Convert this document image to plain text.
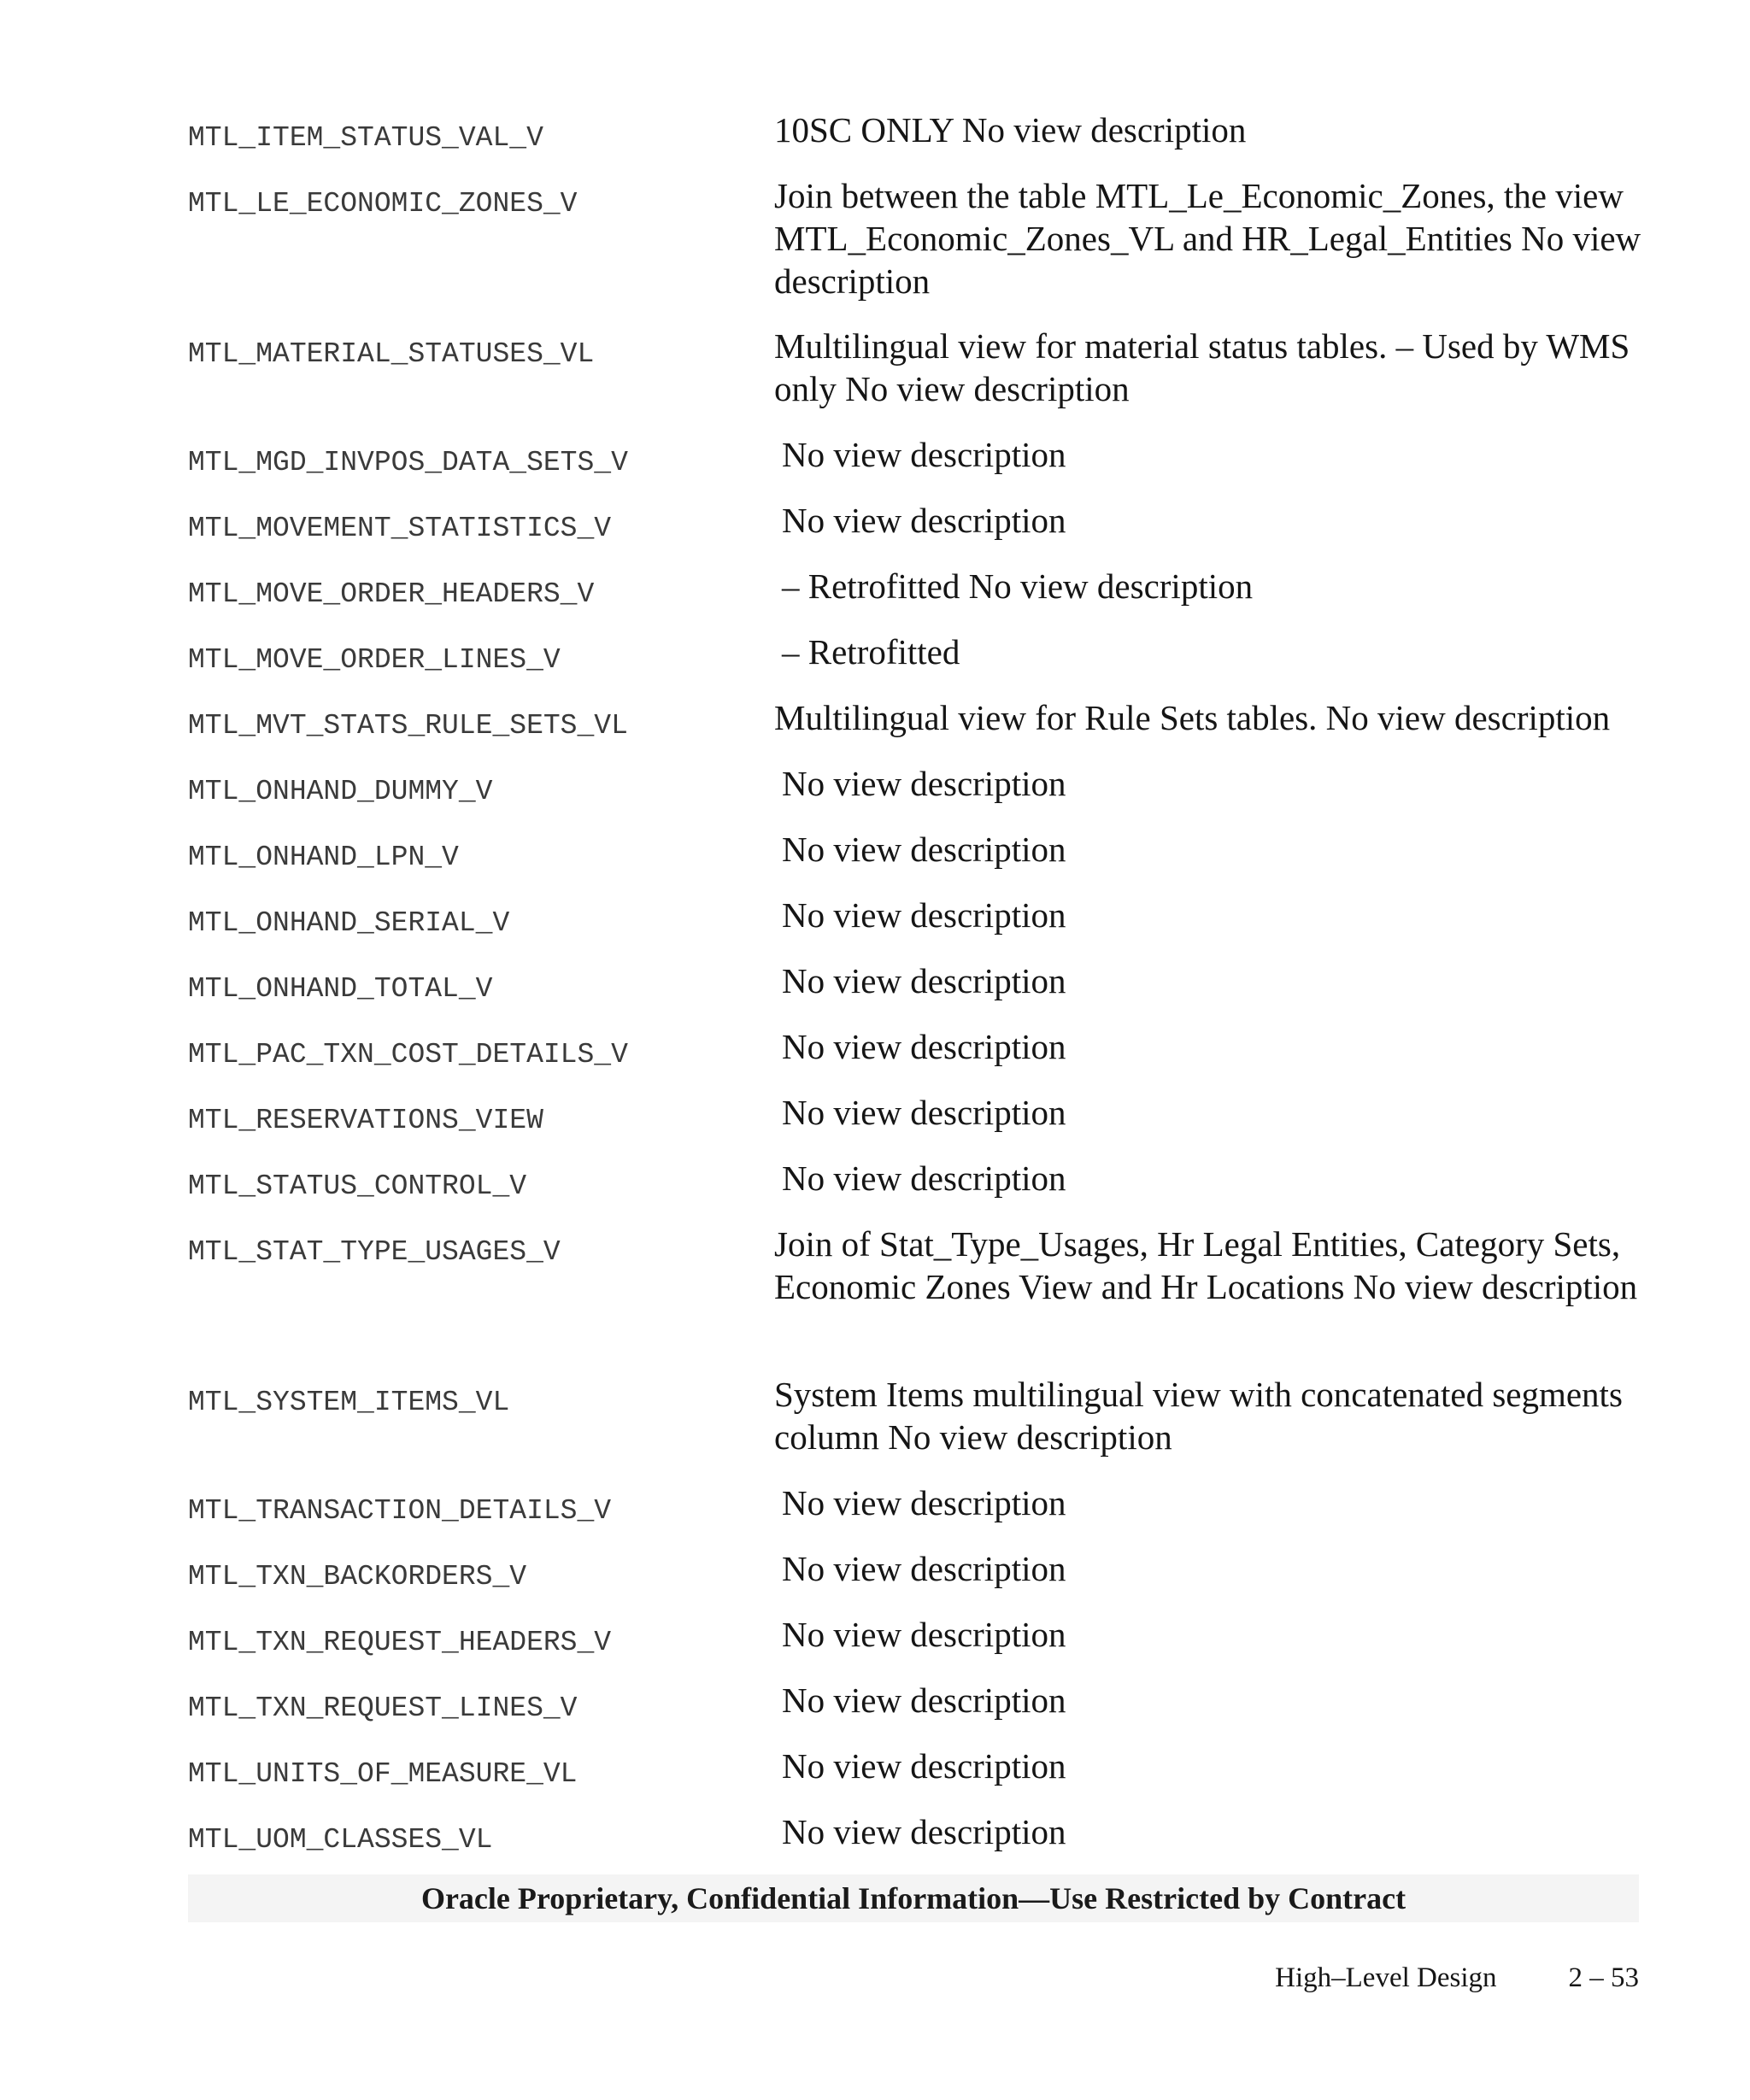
MTL_ITEM_STATUS_VAL_V	10SC ONLY No view description
MTL_LE_ECONOMIC_ZONES_V	Join between the table MTL_Le_Economic_Zones, the view MTL_Economic_Zones_VL and HR_Legal_Entities No view description
MTL_MATERIAL_STATUSES_VL	Multilingual view for material status tables. – Used by WMS only No view description
MTL_MGD_INVPOS_DATA_SETS_V	No view description
MTL_MOVEMENT_STATISTICS_V	No view description
MTL_MOVE_ORDER_HEADERS_V	– Retrofitted No view description
MTL_MOVE_ORDER_LINES_V	– Retrofitted
MTL_MVT_STATS_RULE_SETS_VL	Multilingual view for Rule Sets tables. No view description
MTL_ONHAND_DUMMY_V	No view description
MTL_ONHAND_LPN_V	No view description
MTL_ONHAND_SERIAL_V	No view description
MTL_ONHAND_TOTAL_V	No view description
MTL_PAC_TXN_COST_DETAILS_V	No view description
MTL_RESERVATIONS_VIEW	No view description
MTL_STATUS_CONTROL_V	No view description
MTL_STAT_TYPE_USAGES_V	Join of Stat_Type_Usages, Hr Legal Entities, Category Sets, Economic Zones View and Hr Locations No view description
MTL_SYSTEM_ITEMS_VL	System Items multilingual view with concatenated segments column No view description
MTL_TRANSACTION_DETAILS_V	No view description
MTL_TXN_BACKORDERS_V	No view description
MTL_TXN_REQUEST_HEADERS_V	No view description
MTL_TXN_REQUEST_LINES_V	No view description
MTL_UNITS_OF_MEASURE_VL	No view description
MTL_UOM_CLASSES_VL	No view description
Oracle Proprietary, Confidential Information––Use Restricted by Contract
High–Level Design	2 – 53
